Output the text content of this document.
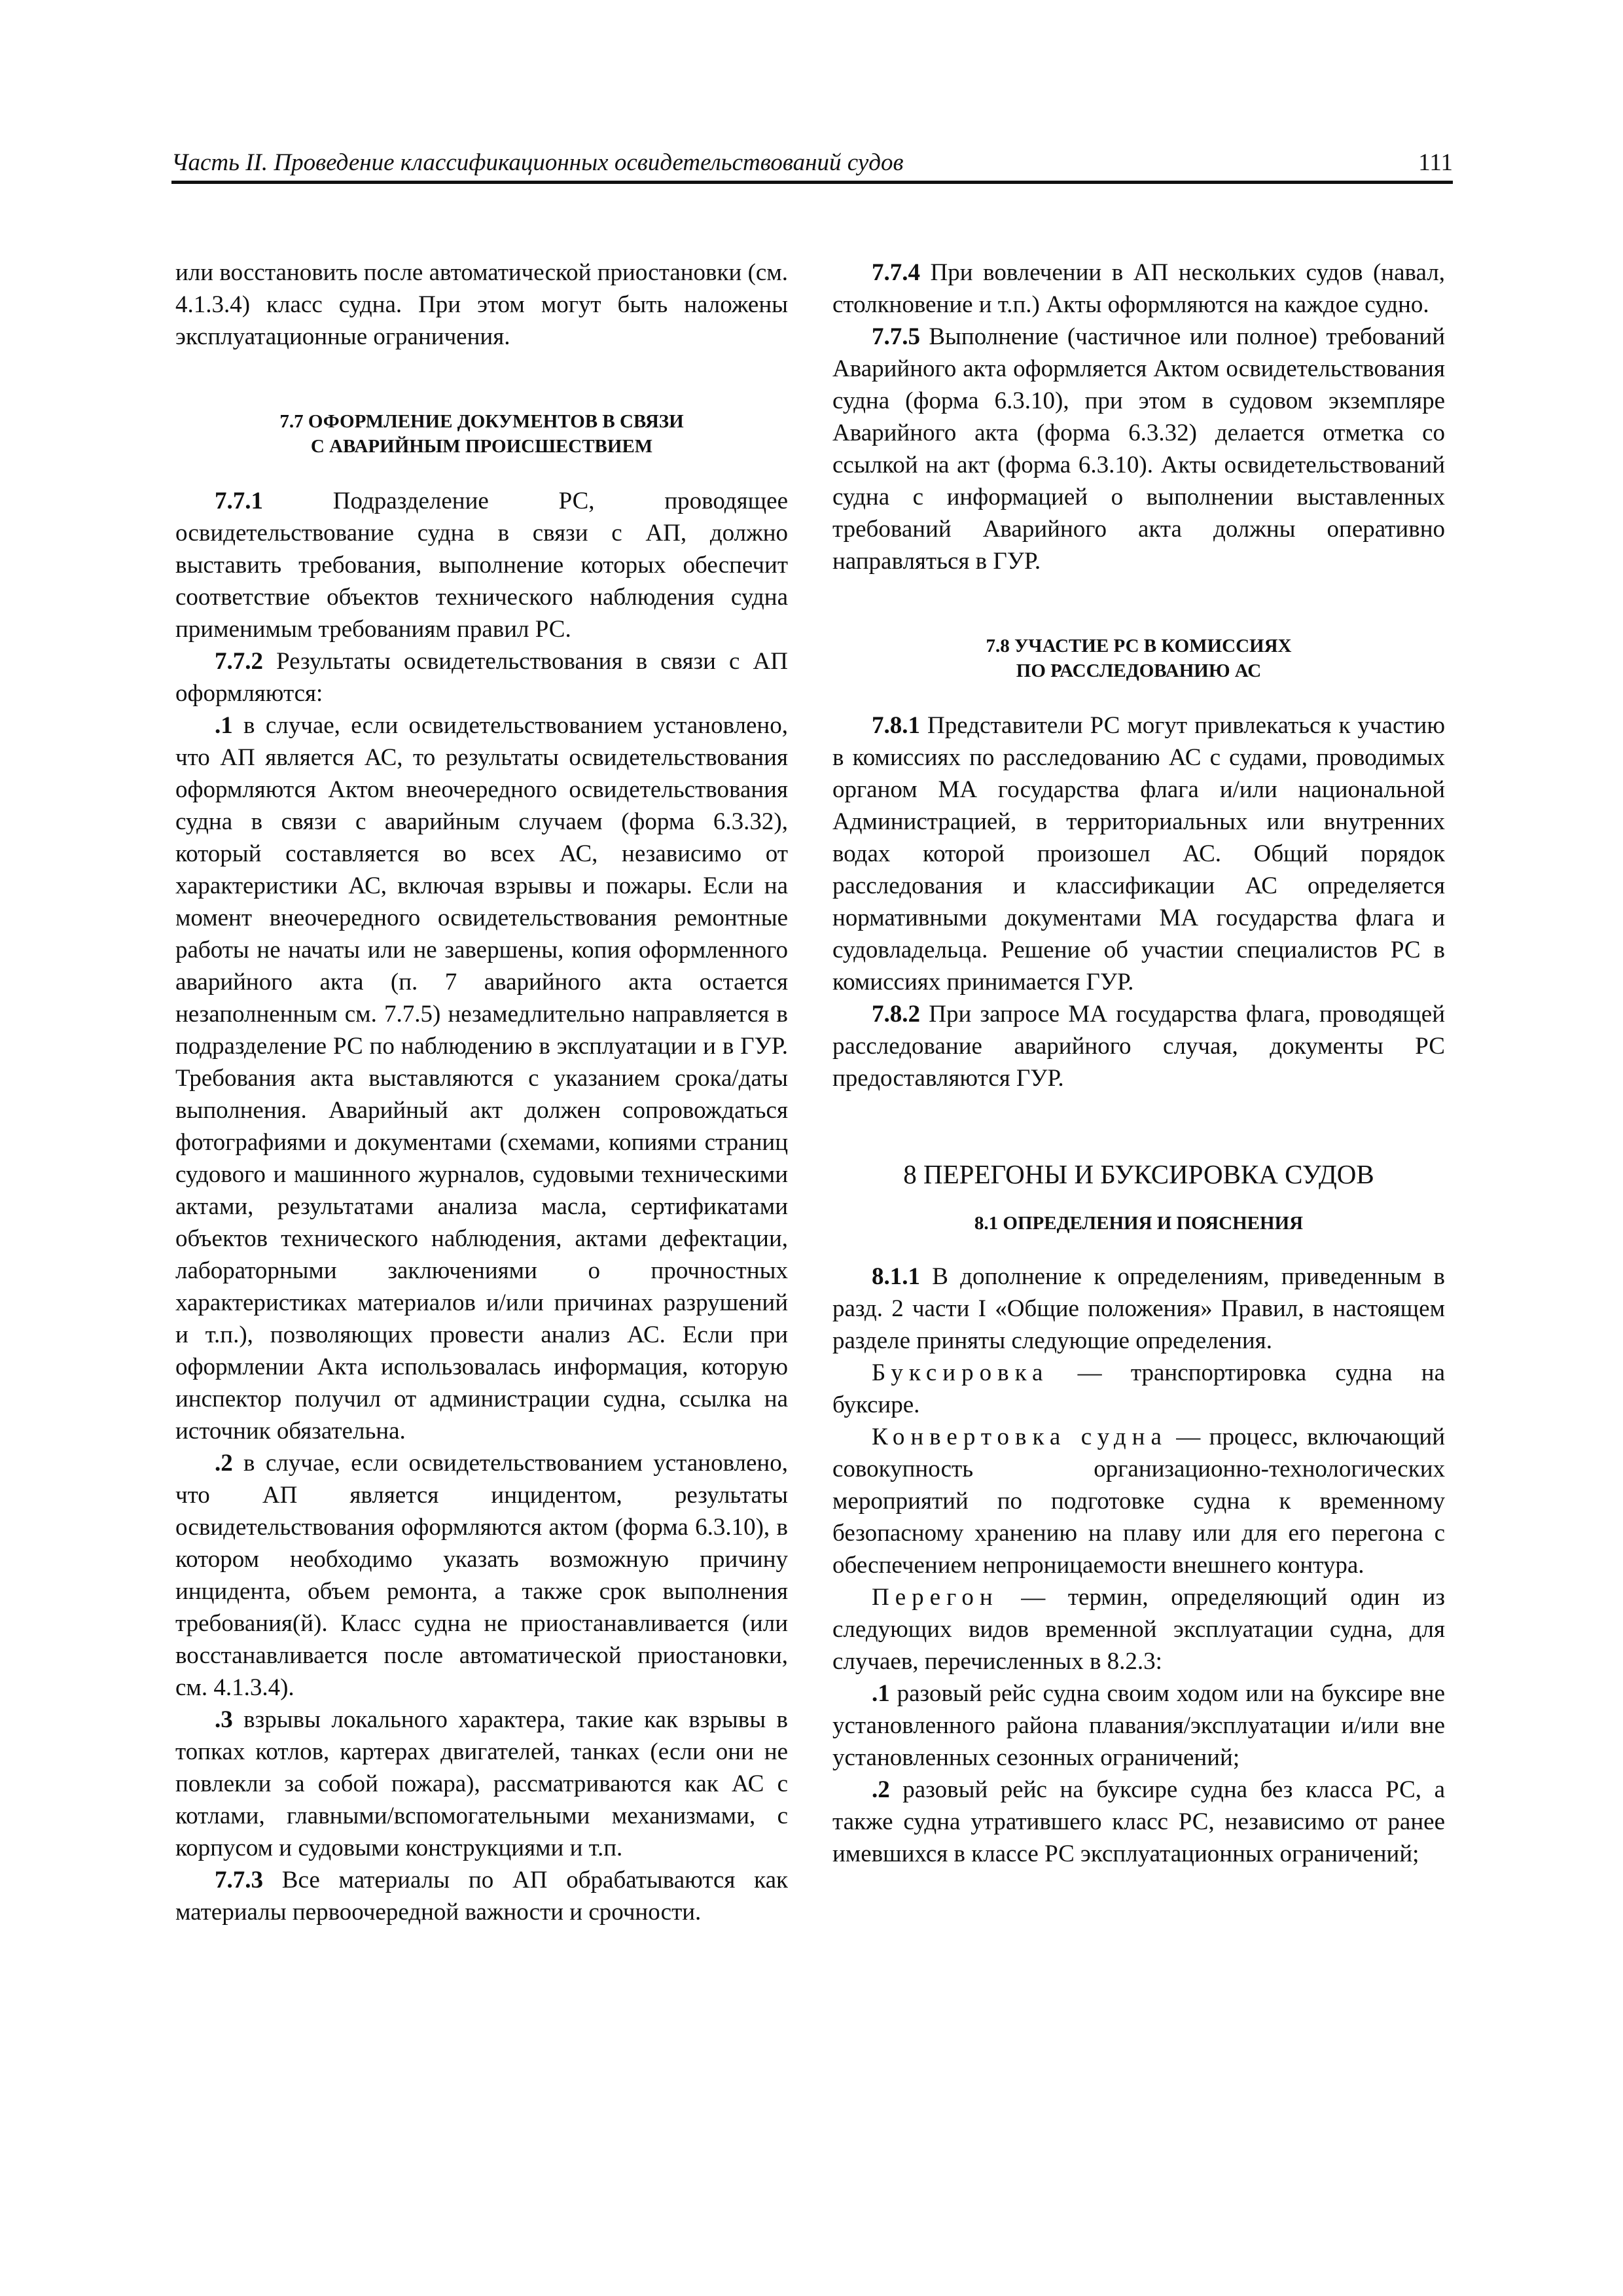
Часть II. Проведение классификационных освидетельствований судов	111

или восстановить после автоматической приостановки (см. 4.1.3.4) класс судна. При этом могут быть наложены эксплуатационные ограничения.

7.7 ОФОРМЛЕНИЕ ДОКУМЕНТОВ В СВЯЗИ
С АВАРИЙНЫМ ПРОИСШЕСТВИЕМ

7.7.1 Подразделение РС, проводящее освидетельствование судна в связи с АП, должно выставить требования, выполнение которых обеспечит соответствие объектов технического наблюдения судна применимым требованиям правил РС.

7.7.2 Результаты освидетельствования в связи с АП оформляются:

.1 в случае, если освидетельствованием установлено, что АП является АС, то результаты освидетельствования оформляются Актом внеочередного освидетельствования судна в связи с аварийным случаем (форма 6.3.32), который составляется во всех АС, независимо от характеристики АС, включая взрывы и пожары. Если на момент внеочередного освидетельствования ремонтные работы не начаты или не завершены, копия оформленного аварийного акта (п. 7 аварийного акта остается незаполненным см. 7.7.5) незамедлительно направляется в подразделение РС по наблюдению в эксплуатации и в ГУР. Требования акта выставляются с указанием срока/даты выполнения. Аварийный акт должен сопровождаться фотографиями и документами (схемами, копиями страниц судового и машинного журналов, судовыми техническими актами, результатами анализа масла, сертификатами объектов технического наблюдения, актами дефектации, лабораторными заключениями о прочностных характеристиках материалов и/или причинах разрушений и т.п.), позволяющих провести анализ АС. Если при оформлении Акта использовалась информация, которую инспектор получил от администрации судна, ссылка на источник обязательна.

.2 в случае, если освидетельствованием установлено, что АП является инцидентом, результаты освидетельствования оформляются актом (форма 6.3.10), в котором необходимо указать возможную причину инцидента, объем ремонта, а также срок выполнения требования(й). Класс судна не приостанавливается (или восстанавливается после автоматической приостановки, см. 4.1.3.4).

.3 взрывы локального характера, такие как взрывы в топках котлов, картерах двигателей, танках (если они не повлекли за собой пожара), рассматриваются как АС с котлами, главными/вспомогательными механизмами, с корпусом и судовыми конструкциями и т.п.

7.7.3 Все материалы по АП обрабатываются как материалы первоочередной важности и срочности.

7.7.4 При вовлечении в АП нескольких судов (навал, столкновение и т.п.) Акты оформляются на каждое судно.

7.7.5 Выполнение (частичное или полное) требований Аварийного акта оформляется Актом освидетельствования судна (форма 6.3.10), при этом в судовом экземпляре Аварийного акта (форма 6.3.32) делается отметка со ссылкой на акт (форма 6.3.10). Акты освидетельствований судна с информацией о выполнении выставленных требований Аварийного акта должны оперативно направляться в ГУР.

7.8 УЧАСТИЕ РС В КОМИССИЯХ
ПО РАССЛЕДОВАНИЮ АС

7.8.1 Представители РС могут привлекаться к участию в комиссиях по расследованию АС с судами, проводимых органом МА государства флага и/или национальной Администрацией, в территориальных или внутренних водах которой произошел АС. Общий порядок расследования и классификации АС определяется нормативными документами МА государства флага и судовладельца. Решение об участии специалистов РС в комиссиях принимается ГУР.

7.8.2 При запросе МА государства флага, проводящей расследование аварийного случая, документы РС предоставляются ГУР.

8 ПЕРЕГОНЫ И БУКСИРОВКА СУДОВ
8.1 ОПРЕДЕЛЕНИЯ И ПОЯСНЕНИЯ

8.1.1 В дополнение к определениям, приведенным в разд. 2 части I «Общие положения» Правил, в настоящем разделе приняты следующие определения.

Буксировка — транспортировка судна на буксире.

Конвертовка судна — процесс, включающий совокупность организационно-технологических мероприятий по подготовке судна к временному безопасному хранению на плаву или для его перегона с обеспечением непроницаемости внешнего контура.

Перегон — термин, определяющий один из следующих видов временной эксплуатации судна, для случаев, перечисленных в 8.2.3:

.1 разовый рейс судна своим ходом или на буксире вне установленного района плавания/эксплуатации и/или вне установленных сезонных ограничений;

.2 разовый рейс на буксире судна без класса РС, а также судна утратившего класс РС, независимо от ранее имевшихся в классе РС эксплуатационных ограничений;
